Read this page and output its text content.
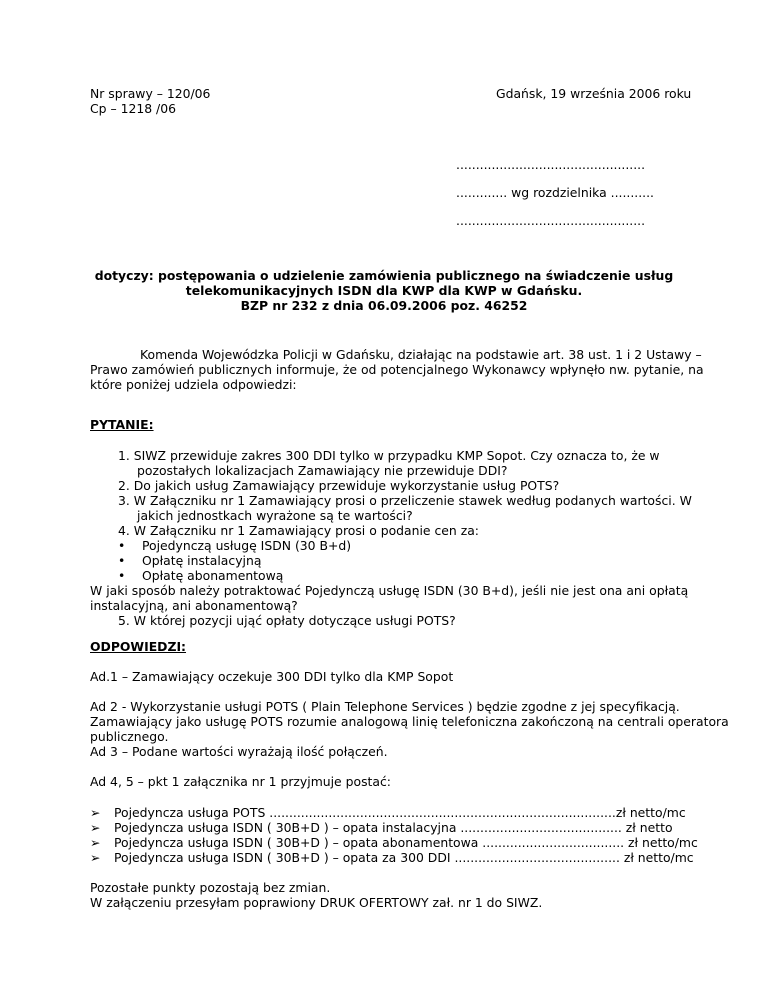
Nr sprawy – 120/06
Cp – 1218 /06
Gdańsk, 19 września 2006 roku
................................................
............. wg rozdzielnika ...........
................................................
dotyczy: postępowania o udzielenie zamówienia publicznego na świadczenie usług
telekomunikacyjnych ISDN dla KWP dla KWP w Gdańsku.
BZP nr 232 z dnia 06.09.2006 poz. 46252
Komenda Wojewódzka Policji w Gdańsku, działając na podstawie art. 38 ust. 1 i 2 Ustawy –
Prawo zamówień publicznych informuje, że od potencjalnego Wykonawcy wpłynęło nw. pytanie, na
które poniżej udziela odpowiedzi:
PYTANIE:
1. SIWZ przewiduje zakres 300 DDI tylko w przypadku KMP Sopot. Czy oznacza to, że w
pozostałych lokalizacjach Zamawiający nie przewiduje DDI?
2. Do jakich usług Zamawiający przewiduje wykorzystanie usług POTS?
3. W Załączniku nr 1 Zamawiający prosi o przeliczenie stawek według podanych wartości. W
jakich jednostkach wyrażone są te wartości?
4. W Załączniku nr 1 Zamawiający prosi o podanie cen za:
• Pojedynczą usługę ISDN (30 B+d)
• Opłatę instalacyjną
• Opłatę abonamentową
W jaki sposób należy potraktować Pojedynczą usługę ISDN (30 B+d), jeśli nie jest ona ani opłatą
instalacyjną, ani abonamentową?
5. W której pozycji ująć opłaty dotyczące usługi POTS?
ODPOWIEDZI:
Ad.1 – Zamawiający oczekuje 300 DDI tylko dla KMP Sopot
Ad 2 - Wykorzystanie usługi POTS ( Plain Telephone Services ) będzie zgodne z jej specyfikacją.
Zamawiający jako usługę POTS rozumie analogową linię telefoniczna zakończoną na centrali operatora
publicznego.
Ad 3 – Podane wartości wyrażają ilość połączeń.
Ad 4, 5 – pkt 1 załącznika nr 1 przyjmuje postać:
➢ Pojedyncza usługa POTS ........................................................................................zł netto/mc
➢ Pojedyncza usługa ISDN ( 30B+D ) – opata instalacyjna ......................................... zł netto
➢ Pojedyncza usługa ISDN ( 30B+D ) – opata abonamentowa .................................... zł netto/mc
➢ Pojedyncza usługa ISDN ( 30B+D ) – opata za 300 DDI .......................................... zł netto/mc
Pozostałe punkty pozostają bez zmian.
W załączeniu przesyłam poprawiony DRUK OFERTOWY zał. nr 1 do SIWZ.
